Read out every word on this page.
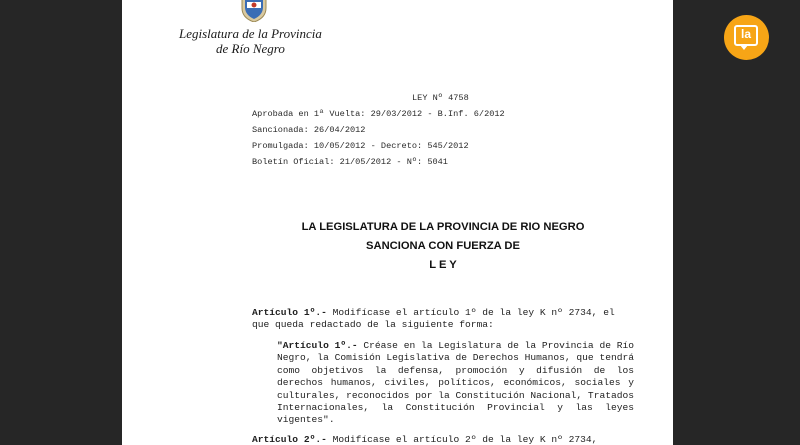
Legislatura de la Provincia
de Río Negro
LEY Nº 4758
Aprobada en 1ª Vuelta: 29/03/2012 - B.Inf. 6/2012
Sancionada: 26/04/2012
Promulgada: 10/05/2012 - Decreto: 545/2012
Boletín Oficial: 21/05/2012 - Nº: 5041
LA LEGISLATURA DE LA PROVINCIA DE RIO NEGRO
SANCIONA CON FUERZA DE
L E Y
Artículo 1º.- Modifícase el artículo 1º de la ley K nº 2734, el que queda redactado de la siguiente forma:
"Artículo 1º.- Créase en la Legislatura de la Provincia de Río Negro, la Comisión Legislativa de Derechos Humanos, que tendrá como objetivos la defensa, promoción y difusión de los derechos humanos, civiles, políticos, económicos, sociales y culturales, reconocidos por la Constitución Nacional, Tratados Internacionales, la Constitución Provincial y las leyes vigentes".
Artículo 2º.- Modifícase el artículo 2º de la ley K nº 2734,
la
